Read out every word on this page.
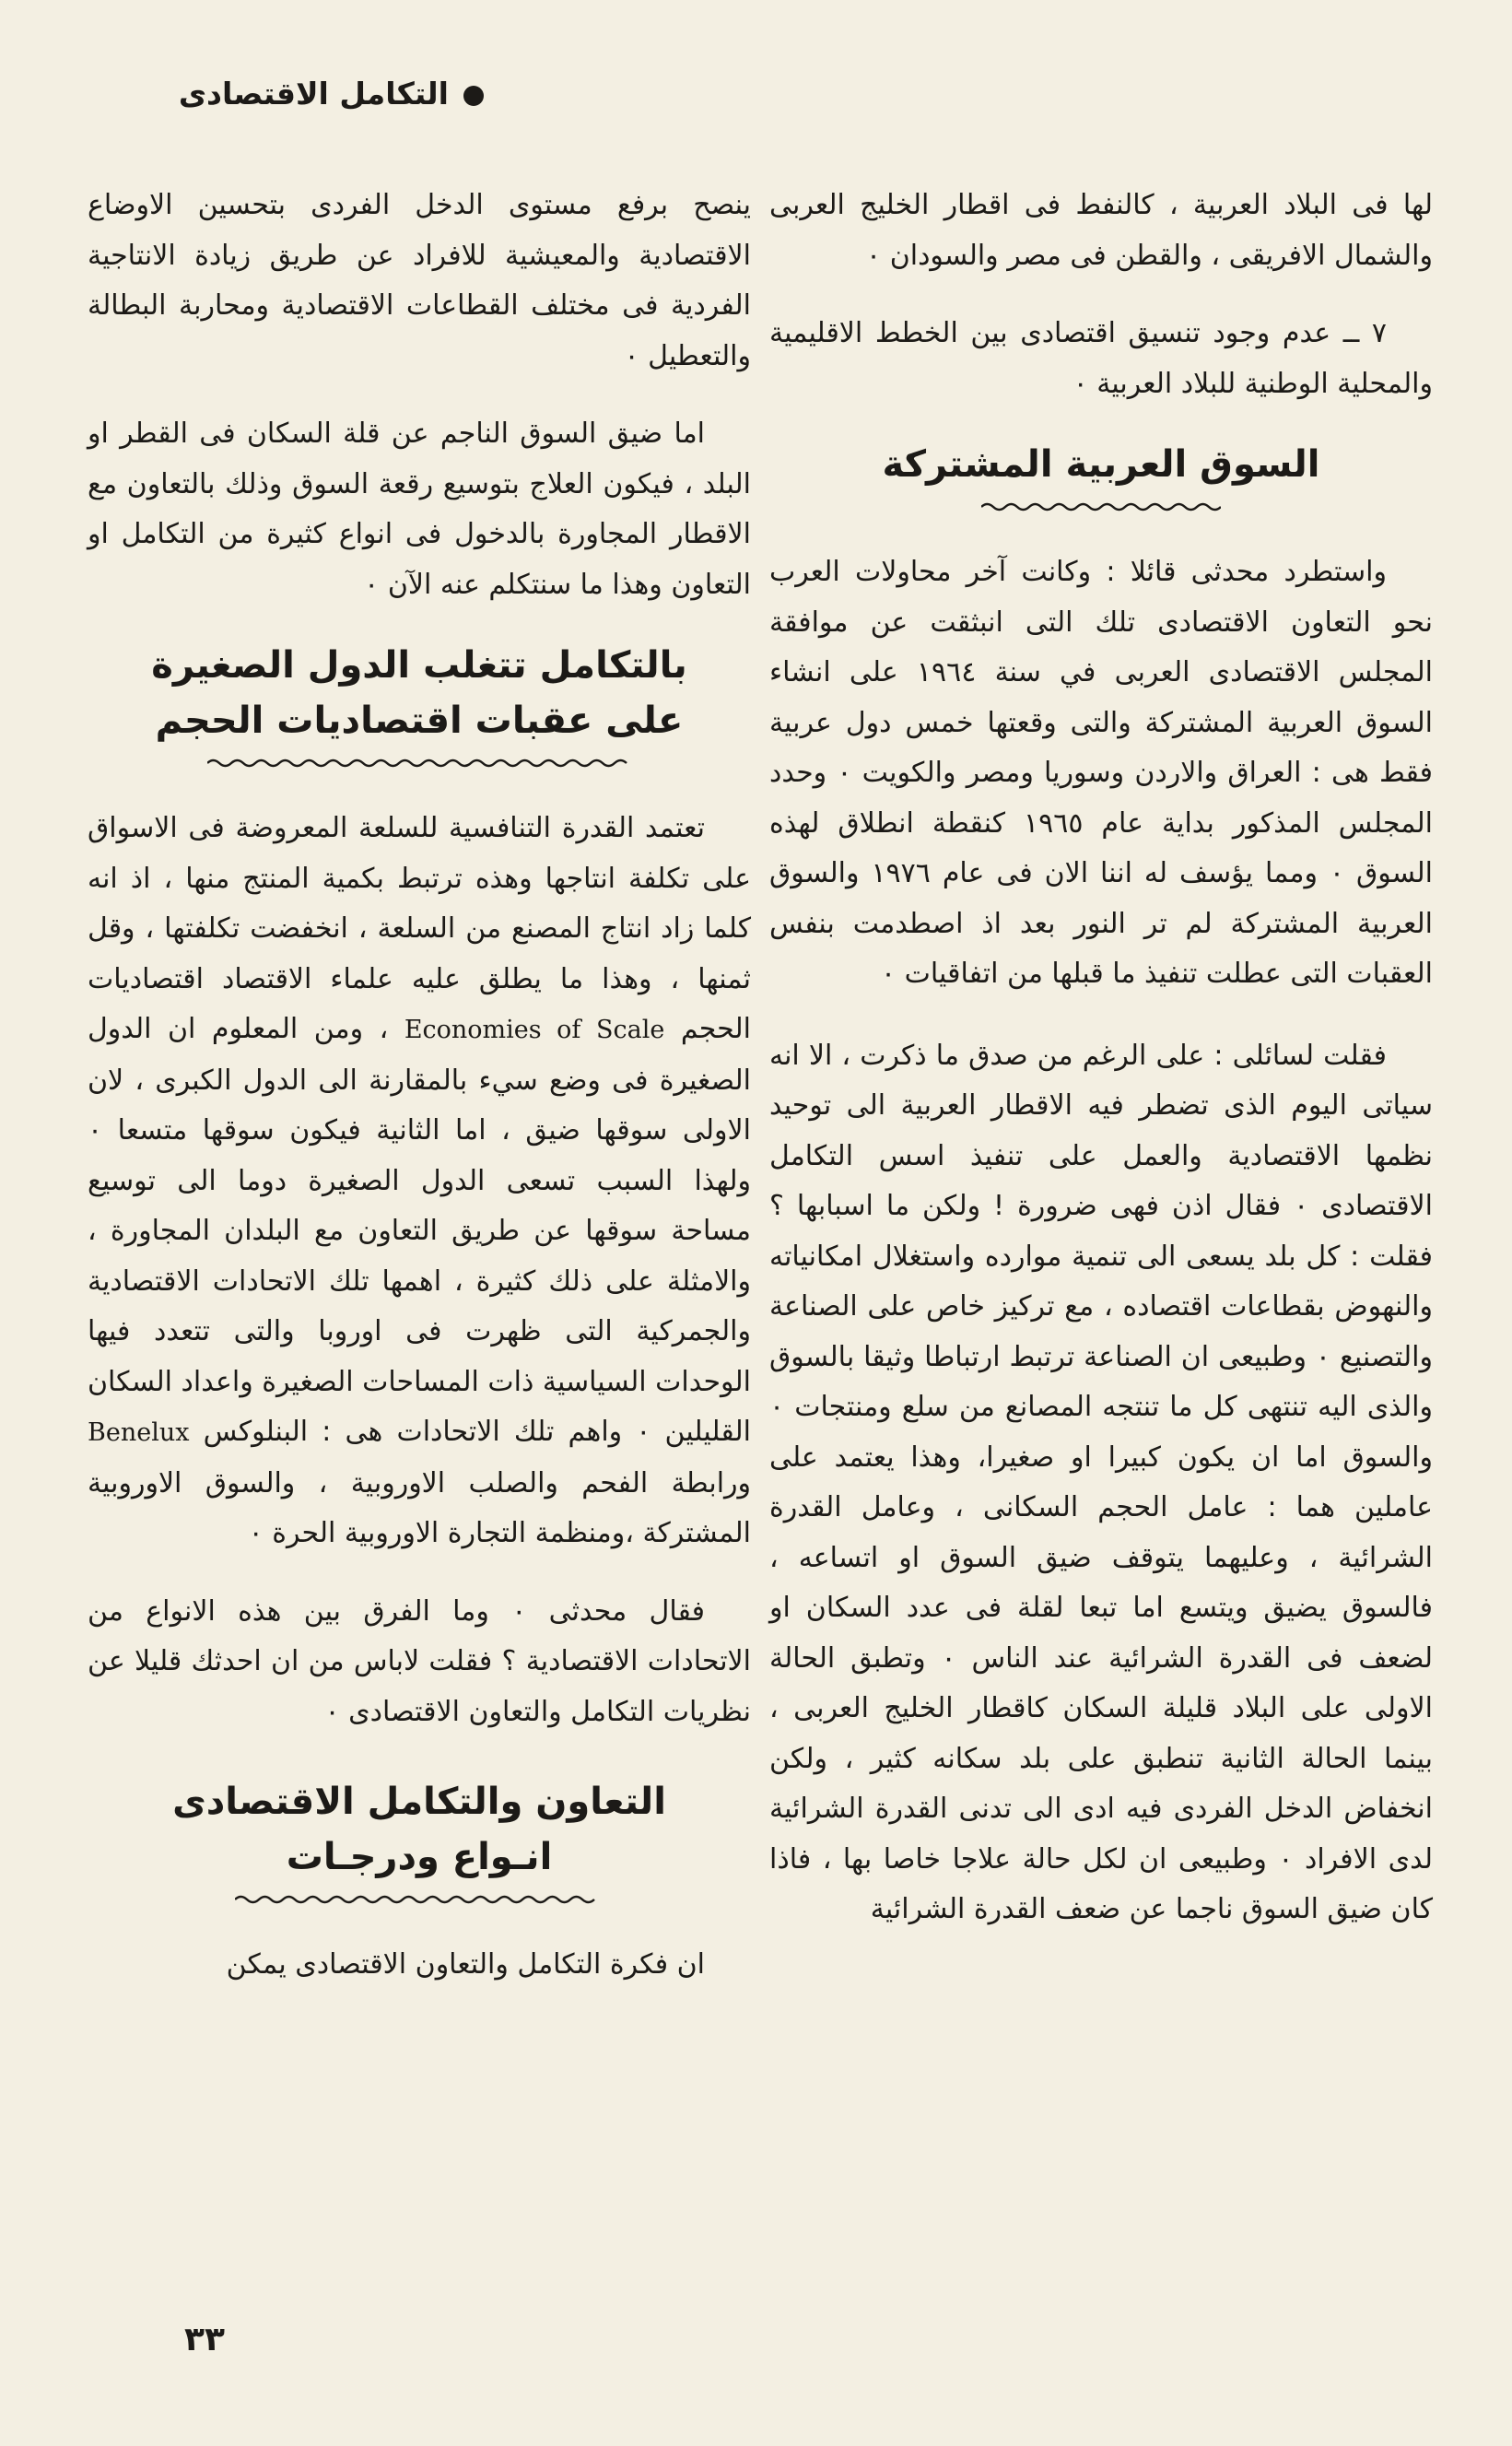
التكامل الاقتصادى

لها فى البلاد العربية ، كالنفط فى اقطار الخليج العربى والشمال الافريقى ، والقطن فى مصر والسودان ٠

٧ ــ عدم وجود تنسيق اقتصادى بين الخطط الاقليمية والمحلية الوطنية للبلاد العربية ٠

السوق العربية المشتركة

واستطرد محدثى قائلا : وكانت آخر محاولات العرب نحو التعاون الاقتصادى تلك التى انبثقت عن موافقة المجلس الاقتصادى العربى في سنة ١٩٦٤ على انشاء السوق العربية المشتركة والتى وقعتها خمس دول عربية فقط هى : العراق والاردن وسوريا ومصر والكويت ٠ وحدد المجلس المذكور بداية عام ١٩٦٥ كنقطة انطلاق لهذه السوق ٠ ومما يؤسف له اننا الان فى عام ١٩٧٦ والسوق العربية المشتركة لم تر النور بعد اذ اصطدمت بنفس العقبات التى عطلت تنفيذ ما قبلها من اتفاقيات ٠

فقلت لسائلى : على الرغم من صدق ما ذكرت ، الا انه سياتى اليوم الذى تضطر فيه الاقطار العربية الى توحيد نظمها الاقتصادية والعمل على تنفيذ اسس التكامل الاقتصادى ٠ فقال اذن فهى ضرورة ! ولكن ما اسبابها ؟ فقلت : كل بلد يسعى الى تنمية موارده واستغلال امكانياته والنهوض بقطاعات اقتصاده ، مع تركيز خاص على الصناعة والتصنيع ٠ وطبيعى ان الصناعة ترتبط ارتباطا وثيقا بالسوق والذى اليه تنتهى كل ما تنتجه المصانع من سلع ومنتجات ٠ والسوق اما ان يكون كبيرا او صغيرا، وهذا يعتمد على عاملين هما : عامل الحجم السكانى ، وعامل القدرة الشرائية ، وعليهما يتوقف ضيق السوق او اتساعه ، فالسوق يضيق ويتسع اما تبعا لقلة فى عدد السكان او لضعف فى القدرة الشرائية عند الناس ٠ وتطبق الحالة الاولى على البلاد قليلة السكان كاقطار الخليج العربى ، بينما الحالة الثانية تنطبق على بلد سكانه كثير ، ولكن انخفاض الدخل الفردى فيه ادى الى تدنى القدرة الشرائية لدى الافراد ٠ وطبيعى ان لكل حالة علاجا خاصا بها ، فاذا كان ضيق السوق ناجما عن ضعف القدرة الشرائية

ينصح برفع مستوى الدخل الفردى بتحسين الاوضاع الاقتصادية والمعيشية للافراد عن طريق زيادة الانتاجية الفردية فى مختلف القطاعات الاقتصادية ومحاربة البطالة والتعطيل ٠

اما ضيق السوق الناجم عن قلة السكان فى القطر او البلد ، فيكون العلاج بتوسيع رقعة السوق وذلك بالتعاون مع الاقطار المجاورة بالدخول فى انواع كثيرة من التكامل او التعاون وهذا ما سنتكلم عنه الآن ٠

بالتكامل تتغلب الدول الصغيرة
على عقبات اقتصاديات الحجم

تعتمد القدرة التنافسية للسلعة المعروضة فى الاسواق على تكلفة انتاجها وهذه ترتبط بكمية المنتج منها ، اذ انه كلما زاد انتاج المصنع من السلعة ، انخفضت تكلفتها ، وقل ثمنها ، وهذا ما يطلق عليه علماء الاقتصاد اقتصاديات الحجم Economies of Scale ، ومن المعلوم ان الدول الصغيرة فى وضع سيء بالمقارنة الى الدول الكبرى ، لان الاولى سوقها ضيق ، اما الثانية فيكون سوقها متسعا ٠ ولهذا السبب تسعى الدول الصغيرة دوما الى توسيع مساحة سوقها عن طريق التعاون مع البلدان المجاورة ، والامثلة على ذلك كثيرة ، اهمها تلك الاتحادات الاقتصادية والجمركية التى ظهرت فى اوروبا والتى تتعدد فيها الوحدات السياسية ذات المساحات الصغيرة واعداد السكان القليلين ٠ واهم تلك الاتحادات هى : البنلوكس Benelux ورابطة الفحم والصلب الاوروبية ، والسوق الاوروبية المشتركة ،ومنظمة التجارة الاوروبية الحرة ٠

فقال محدثى ٠ وما الفرق بين هذه الانواع من الاتحادات الاقتصادية ؟ فقلت لاباس من ان احدثك قليلا عن نظريات التكامل والتعاون الاقتصادى ٠

التعاون والتكامل الاقتصادى
انـواع ودرجـات

ان فكرة التكامل والتعاون الاقتصادى يمكن

٣٣
